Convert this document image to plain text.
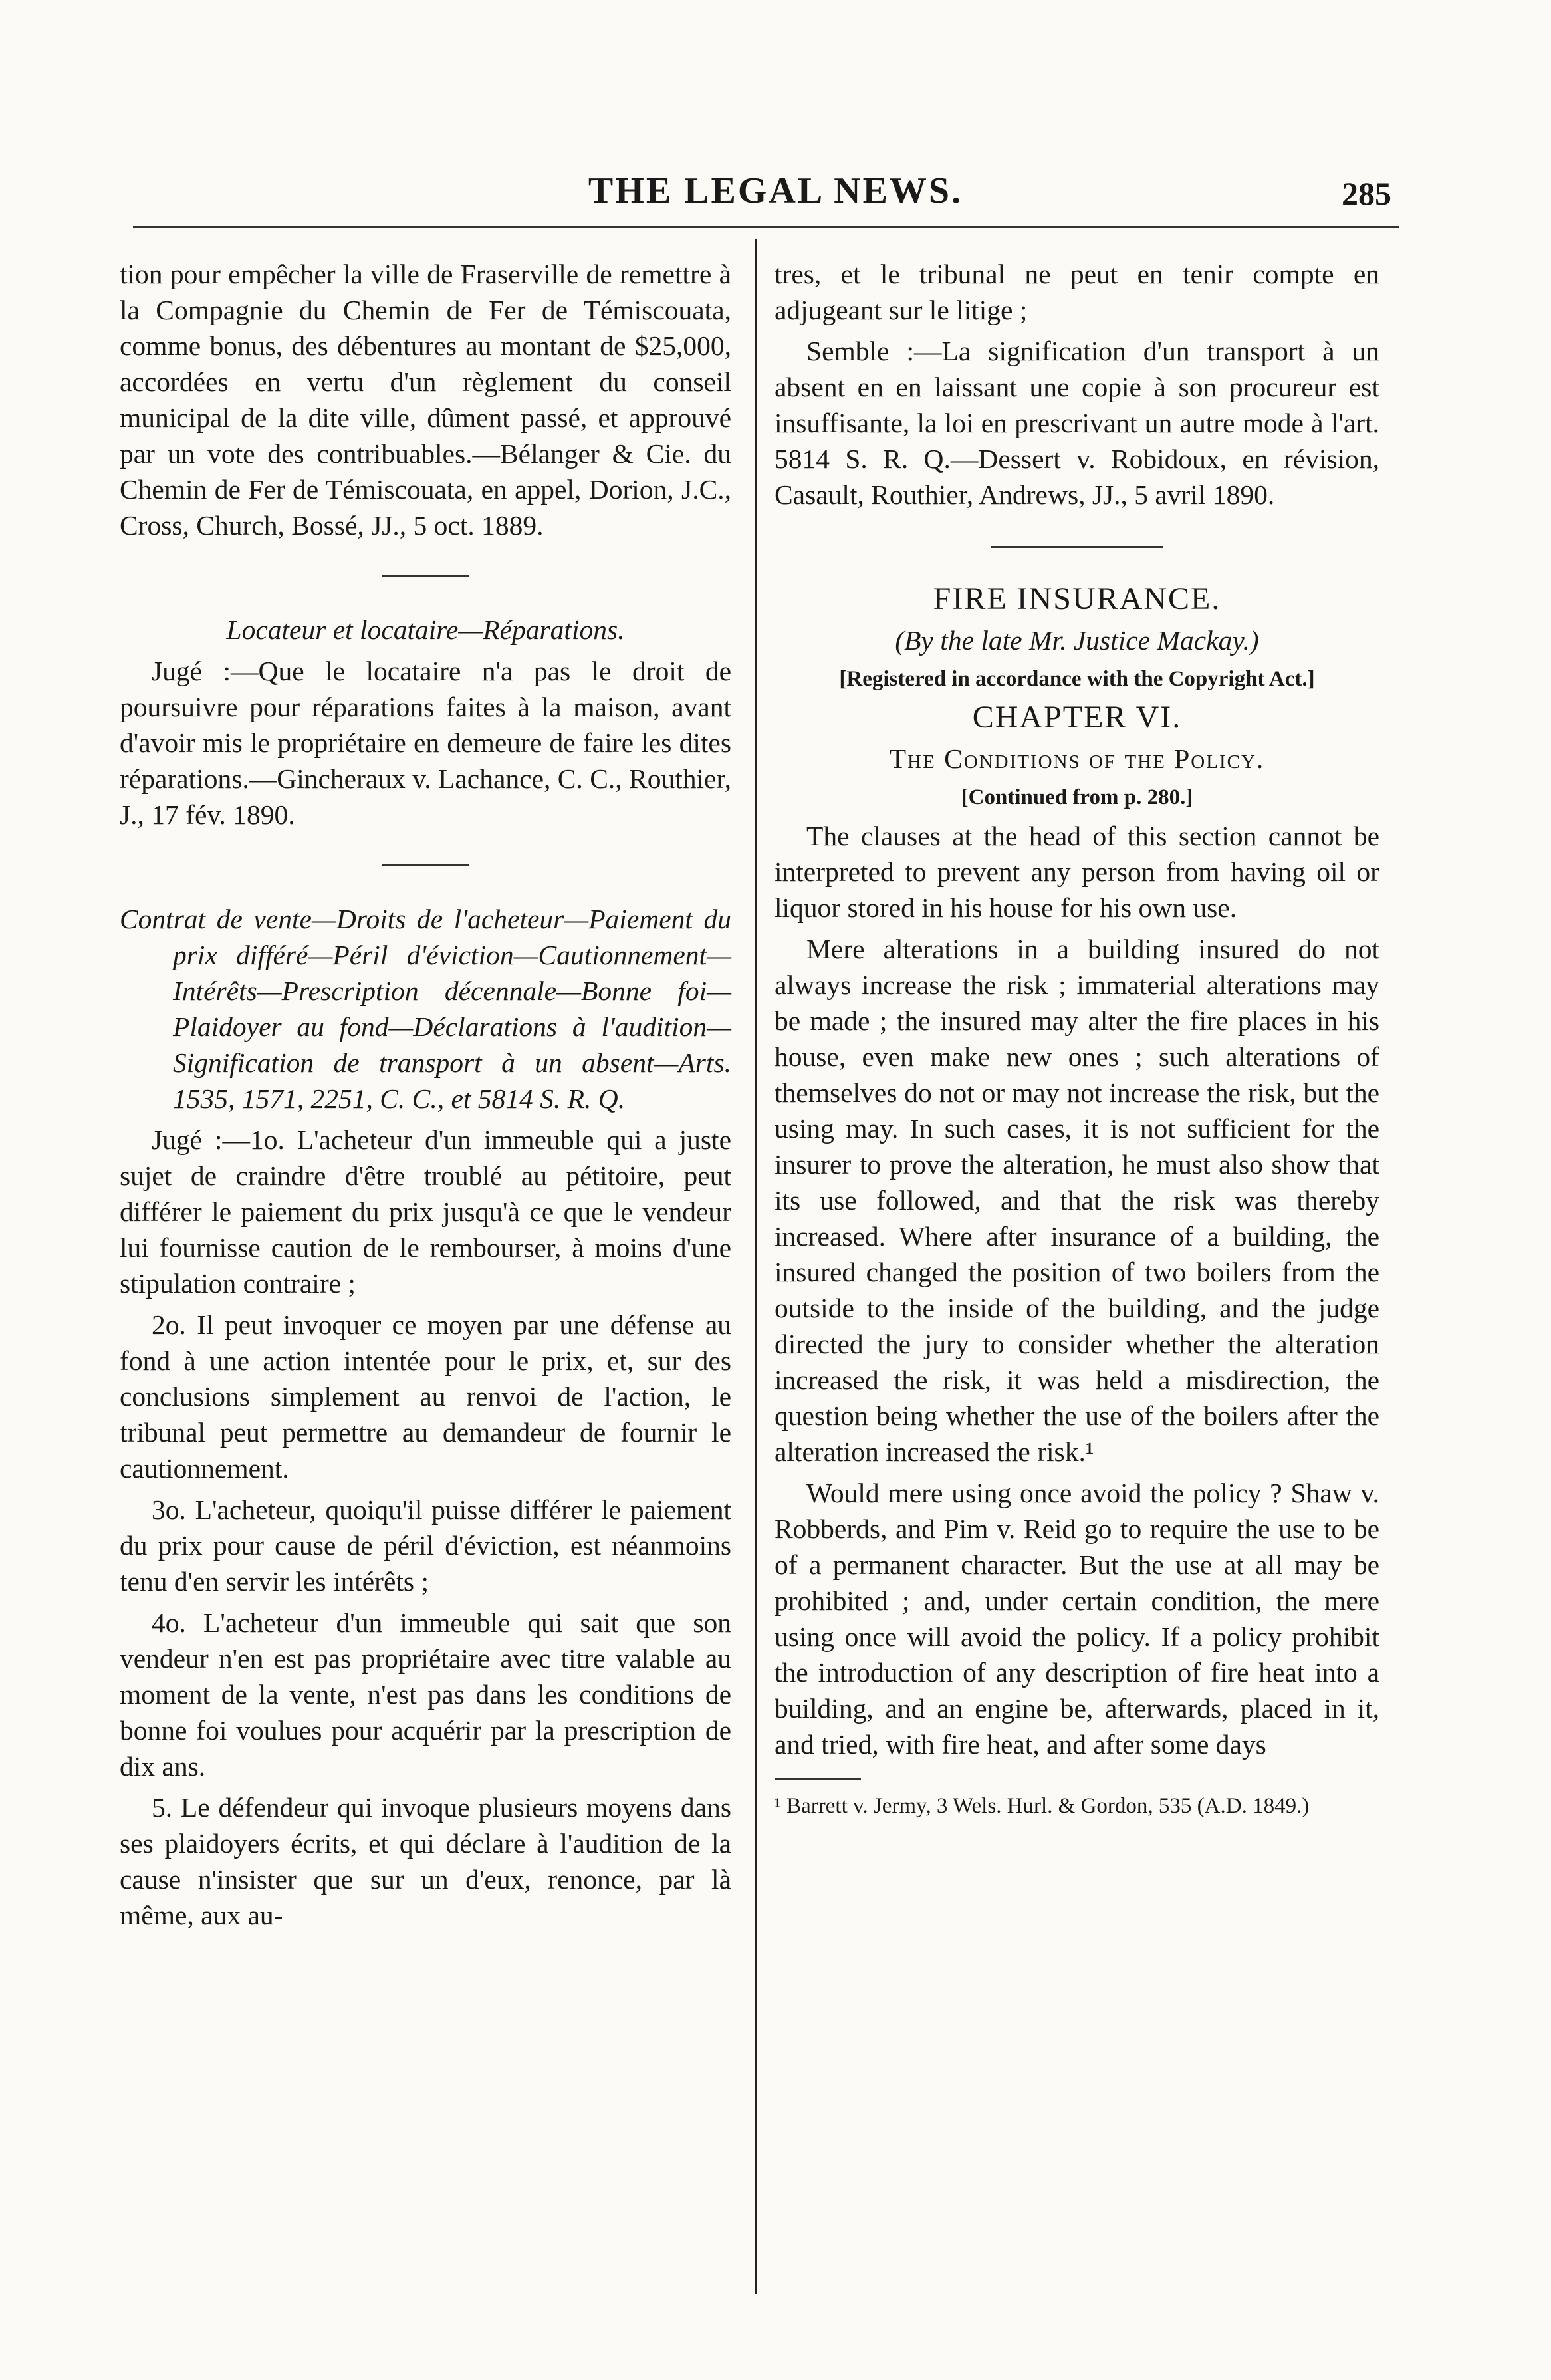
THE LEGAL NEWS.	285

tion pour empêcher la ville de Fraserville de remettre à la Compagnie du Chemin de Fer de Témiscouata, comme bonus, des débentures au montant de $25,000, accordées en vertu d'un règlement du conseil municipal de la dite ville, dûment passé, et approuvé par un vote des contribuables.—Bélanger & Cie. du Chemin de Fer de Témiscouata, en appel, Dorion, J.C., Cross, Church, Bossé, JJ., 5 oct. 1889.

Locateur et locataire—Réparations.

Jugé :—Que le locataire n'a pas le droit de poursuivre pour réparations faites à la maison, avant d'avoir mis le propriétaire en demeure de faire les dites réparations.—Gincheraux v. Lachance, C. C., Routhier, J., 17 fév. 1890.

Contrat de vente—Droits de l'acheteur—Paiement du prix différé—Péril d'éviction—Cautionnement—Intérêts—Prescription décennale—Bonne foi—Plaidoyer au fond—Déclarations à l'audition—Signification de transport à un absent—Arts. 1535, 1571, 2251, C. C., et 5814 S. R. Q.

Jugé :—1o. L'acheteur d'un immeuble qui a juste sujet de craindre d'être troublé au pétitoire, peut différer le paiement du prix jusqu'à ce que le vendeur lui fournisse caution de le rembourser, à moins d'une stipulation contraire ;

2o. Il peut invoquer ce moyen par une défense au fond à une action intentée pour le prix, et, sur des conclusions simplement au renvoi de l'action, le tribunal peut permettre au demandeur de fournir le cautionnement.

3o. L'acheteur, quoiqu'il puisse différer le paiement du prix pour cause de péril d'éviction, est néanmoins tenu d'en servir les intérêts ;

4o. L'acheteur d'un immeuble qui sait que son vendeur n'en est pas propriétaire avec titre valable au moment de la vente, n'est pas dans les conditions de bonne foi voulues pour acquérir par la prescription de dix ans.

5. Le défendeur qui invoque plusieurs moyens dans ses plaidoyers écrits, et qui déclare à l'audition de la cause n'insister que sur un d'eux, renonce, par là même, aux au-

tres, et le tribunal ne peut en tenir compte en adjugeant sur le litige ;

Semble :—La signification d'un transport à un absent en en laissant une copie à son procureur est insuffisante, la loi en prescrivant un autre mode à l'art. 5814 S. R. Q.—Dessert v. Robidoux, en révision, Casault, Routhier, Andrews, JJ., 5 avril 1890.

FIRE INSURANCE.

(By the late Mr. Justice Mackay.)

[Registered in accordance with the Copyright Act.]

CHAPTER VI.

The Conditions of the Policy.

[Continued from p. 280.]

The clauses at the head of this section cannot be interpreted to prevent any person from having oil or liquor stored in his house for his own use.

Mere alterations in a building insured do not always increase the risk ; immaterial alterations may be made ; the insured may alter the fire places in his house, even make new ones ; such alterations of themselves do not or may not increase the risk, but the using may. In such cases, it is not sufficient for the insurer to prove the alteration, he must also show that its use followed, and that the risk was thereby increased. Where after insurance of a building, the insured changed the position of two boilers from the outside to the inside of the building, and the judge directed the jury to consider whether the alteration increased the risk, it was held a misdirection, the question being whether the use of the boilers after the alteration increased the risk.¹

Would mere using once avoid the policy ? Shaw v. Robberds, and Pim v. Reid go to require the use to be of a permanent character. But the use at all may be prohibited ; and, under certain condition, the mere using once will avoid the policy. If a policy prohibit the introduction of any description of fire heat into a building, and an engine be, afterwards, placed in it, and tried, with fire heat, and after some days

¹ Barrett v. Jermy, 3 Wels. Hurl. & Gordon, 535 (A.D. 1849.)
